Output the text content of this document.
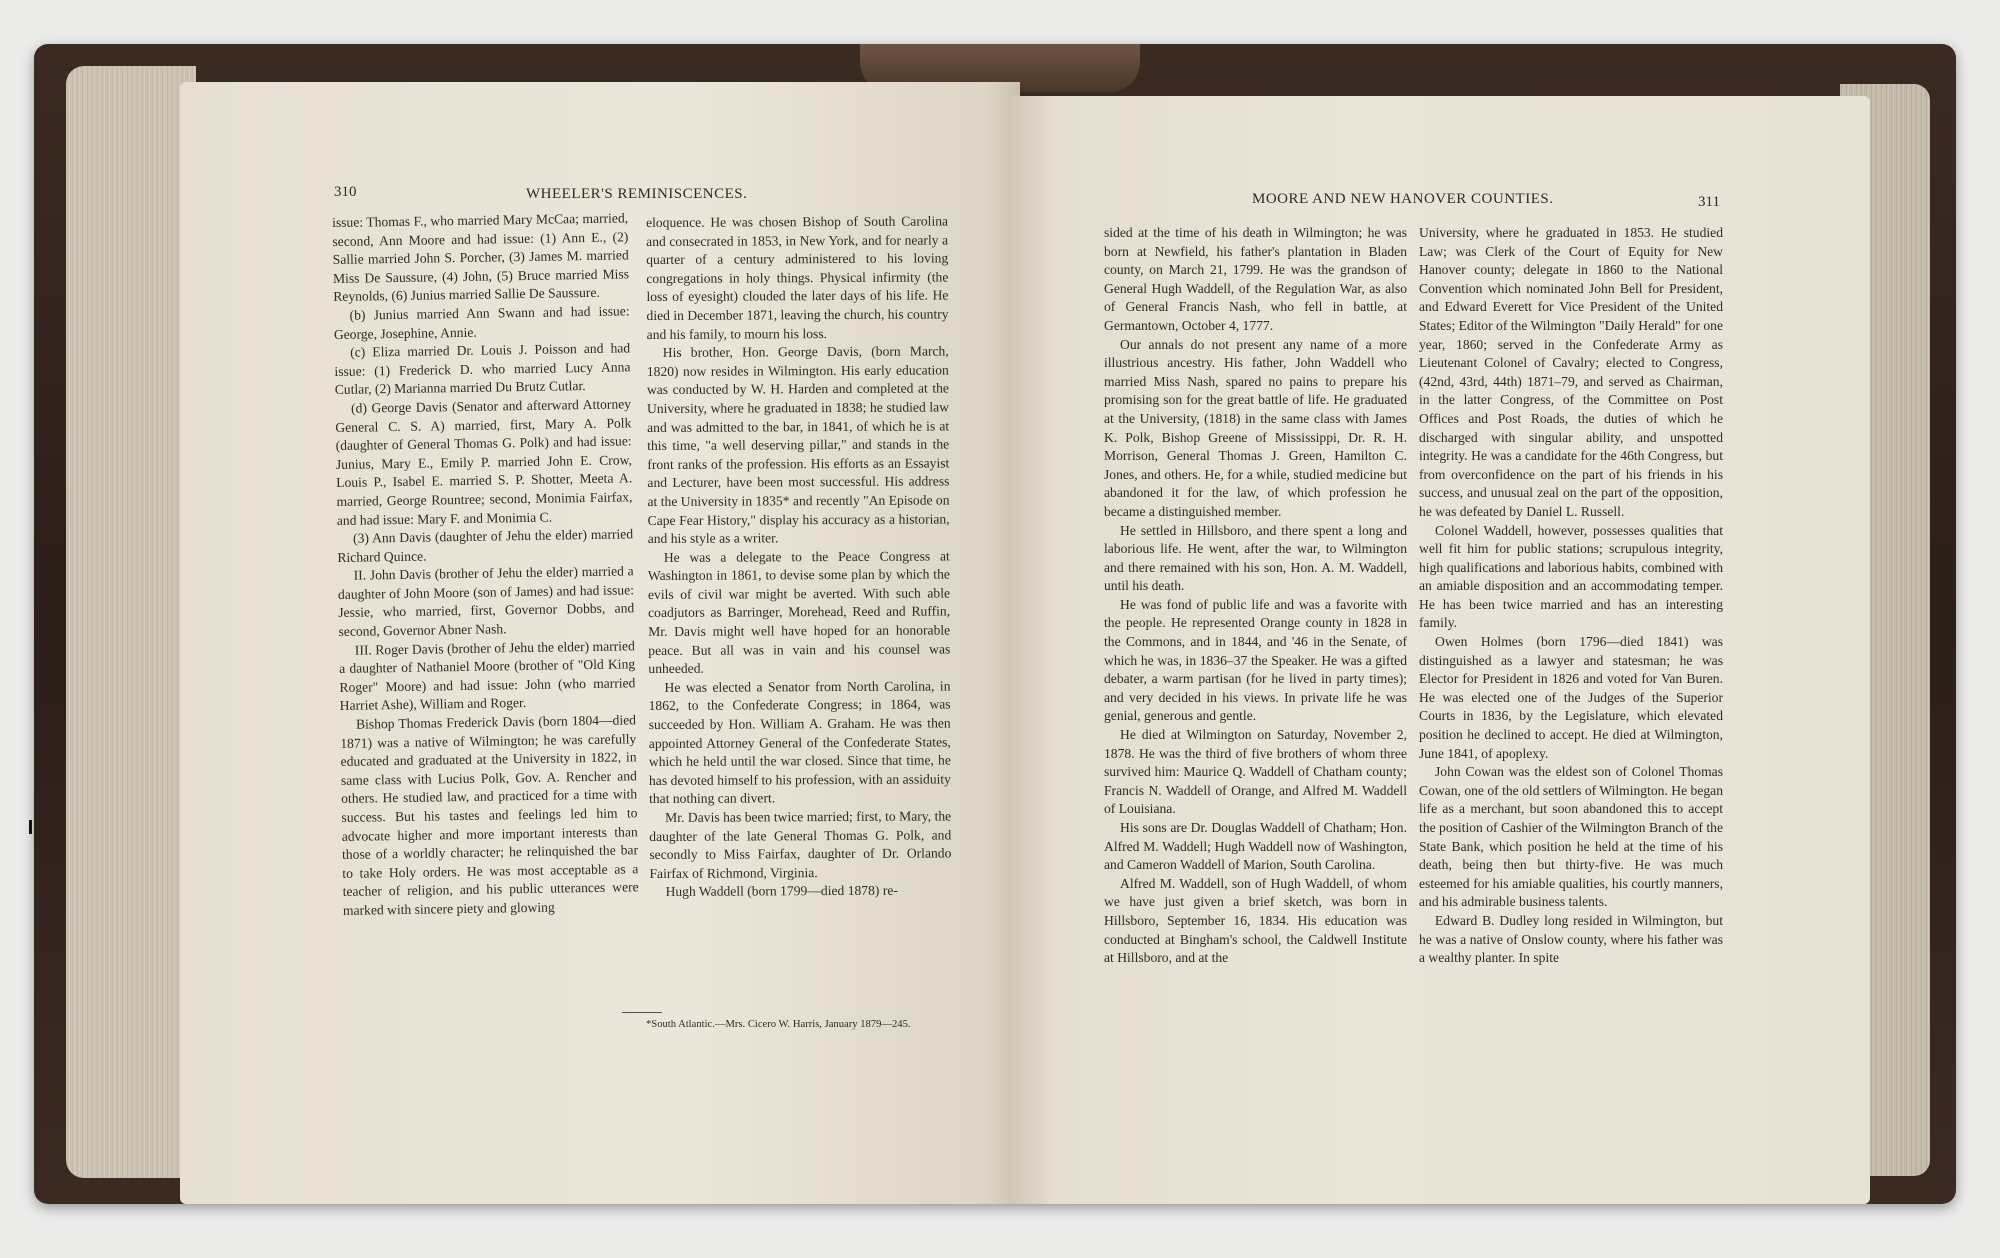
310	WHEELER'S REMINISCENCES.

issue: Thomas F., who married Mary McCaa; married, second, Ann Moore and had issue: (1) Ann E., (2) Sallie married John S. Porcher, (3) James M. married Miss De Saussure, (4) John, (5) Bruce married Miss Reynolds, (6) Junius married Sallie De Saussure.

(b) Junius married Ann Swann and had issue: George, Josephine, Annie.

(c) Eliza married Dr. Louis J. Poisson and had issue: (1) Frederick D. who married Lucy Anna Cutlar, (2) Marianna married Du Brutz Cutlar.

(d) George Davis (Senator and afterward Attorney General C. S. A) married, first, Mary A. Polk (daughter of General Thomas G. Polk) and had issue: Junius, Mary E., Emily P. married John E. Crow, Louis P., Isabel E. married S. P. Shotter, Meeta A. married, George Rountree; second, Monimia Fairfax, and had issue: Mary F. and Monimia C.

(3) Ann Davis (daughter of Jehu the elder) married Richard Quince.

II. John Davis (brother of Jehu the elder) married a daughter of John Moore (son of James) and had issue: Jessie, who married, first, Governor Dobbs, and second, Governor Abner Nash.

III. Roger Davis (brother of Jehu the elder) married a daughter of Nathaniel Moore (brother of "Old King Roger" Moore) and had issue: John (who married Harriet Ashe), William and Roger.

Bishop Thomas Frederick Davis (born 1804—died 1871) was a native of Wilmington; he was carefully educated and graduated at the University in 1822, in same class with Lucius Polk, Gov. A. Rencher and others. He studied law, and practiced for a time with success. But his tastes and feelings led him to advocate higher and more important interests than those of a worldly character; he relinquished the bar to take Holy orders. He was most acceptable as a teacher of religion, and his public utterances were marked with sincere piety and glowing

eloquence. He was chosen Bishop of South Carolina and consecrated in 1853, in New York, and for nearly a quarter of a century administered to his loving congregations in holy things. Physical infirmity (the loss of eyesight) clouded the later days of his life. He died in December 1871, leaving the church, his country and his family, to mourn his loss.

His brother, Hon. George Davis, (born March, 1820) now resides in Wilmington. His early education was conducted by W. H. Harden and completed at the University, where he graduated in 1838; he studied law and was admitted to the bar, in 1841, of which he is at this time, "a well deserving pillar," and stands in the front ranks of the profession. His efforts as an Essayist and Lecturer, have been most successful. His address at the University in 1835* and recently "An Episode on Cape Fear History," display his accuracy as a historian, and his style as a writer.

He was a delegate to the Peace Congress at Washington in 1861, to devise some plan by which the evils of civil war might be averted. With such able coadjutors as Barringer, Morehead, Reed and Ruffin, Mr. Davis might well have hoped for an honorable peace. But all was in vain and his counsel was unheeded.

He was elected a Senator from North Carolina, in 1862, to the Confederate Congress; in 1864, was succeeded by Hon. William A. Graham. He was then appointed Attorney General of the Confederate States, which he held until the war closed. Since that time, he has devoted himself to his profession, with an assiduity that nothing can divert.

Mr. Davis has been twice married; first, to Mary, the daughter of the late General Thomas G. Polk, and secondly to Miss Fairfax, daughter of Dr. Orlando Fairfax of Richmond, Virginia.

Hugh Waddell (born 1799—died 1878) re-

*South Atlantic.—Mrs. Cicero W. Harris, January 1879—245.
MOORE AND NEW HANOVER COUNTIES.	311

sided at the time of his death in Wilmington; he was born at Newfield, his father's plantation in Bladen county, on March 21, 1799. He was the grandson of General Hugh Waddell, of the Regulation War, as also of General Francis Nash, who fell in battle, at Germantown, October 4, 1777.

Our annals do not present any name of a more illustrious ancestry. His father, John Waddell who married Miss Nash, spared no pains to prepare his promising son for the great battle of life. He graduated at the University, (1818) in the same class with James K. Polk, Bishop Greene of Mississippi, Dr. R. H. Morrison, General Thomas J. Green, Hamilton C. Jones, and others. He, for a while, studied medicine but abandoned it for the law, of which profession he became a distinguished member.

He settled in Hillsboro, and there spent a long and laborious life. He went, after the war, to Wilmington and there remained with his son, Hon. A. M. Waddell, until his death.

He was fond of public life and was a favorite with the people. He represented Orange county in 1828 in the Commons, and in 1844, and '46 in the Senate, of which he was, in 1836–37 the Speaker. He was a gifted debater, a warm partisan (for he lived in party times); and very decided in his views. In private life he was genial, generous and gentle.

He died at Wilmington on Saturday, November 2, 1878. He was the third of five brothers of whom three survived him: Maurice Q. Waddell of Chatham county; Francis N. Waddell of Orange, and Alfred M. Waddell of Louisiana.

His sons are Dr. Douglas Waddell of Chatham; Hon. Alfred M. Waddell; Hugh Waddell now of Washington, and Cameron Waddell of Marion, South Carolina.

Alfred M. Waddell, son of Hugh Waddell, of whom we have just given a brief sketch, was born in Hillsboro, September 16, 1834. His education was conducted at Bingham's school, the Caldwell Institute at Hillsboro, and at the

University, where he graduated in 1853. He studied Law; was Clerk of the Court of Equity for New Hanover county; delegate in 1860 to the National Convention which nominated John Bell for President, and Edward Everett for Vice President of the United States; Editor of the Wilmington "Daily Herald" for one year, 1860; served in the Confederate Army as Lieutenant Colonel of Cavalry; elected to Congress, (42nd, 43rd, 44th) 1871–79, and served as Chairman, in the latter Congress, of the Committee on Post Offices and Post Roads, the duties of which he discharged with singular ability, and unspotted integrity. He was a candidate for the 46th Congress, but from overconfidence on the part of his friends in his success, and unusual zeal on the part of the opposition, he was defeated by Daniel L. Russell.

Colonel Waddell, however, possesses qualities that well fit him for public stations; scrupulous integrity, high qualifications and laborious habits, combined with an amiable disposition and an accommodating temper. He has been twice married and has an interesting family.

Owen Holmes (born 1796—died 1841) was distinguished as a lawyer and statesman; he was Elector for President in 1826 and voted for Van Buren. He was elected one of the Judges of the Superior Courts in 1836, by the Legislature, which elevated position he declined to accept. He died at Wilmington, June 1841, of apoplexy.

John Cowan was the eldest son of Colonel Thomas Cowan, one of the old settlers of Wilmington. He began life as a merchant, but soon abandoned this to accept the position of Cashier of the Wilmington Branch of the State Bank, which position he held at the time of his death, being then but thirty-five. He was much esteemed for his amiable qualities, his courtly manners, and his admirable business talents.

Edward B. Dudley long resided in Wilmington, but he was a native of Onslow county, where his father was a wealthy planter. In spite
